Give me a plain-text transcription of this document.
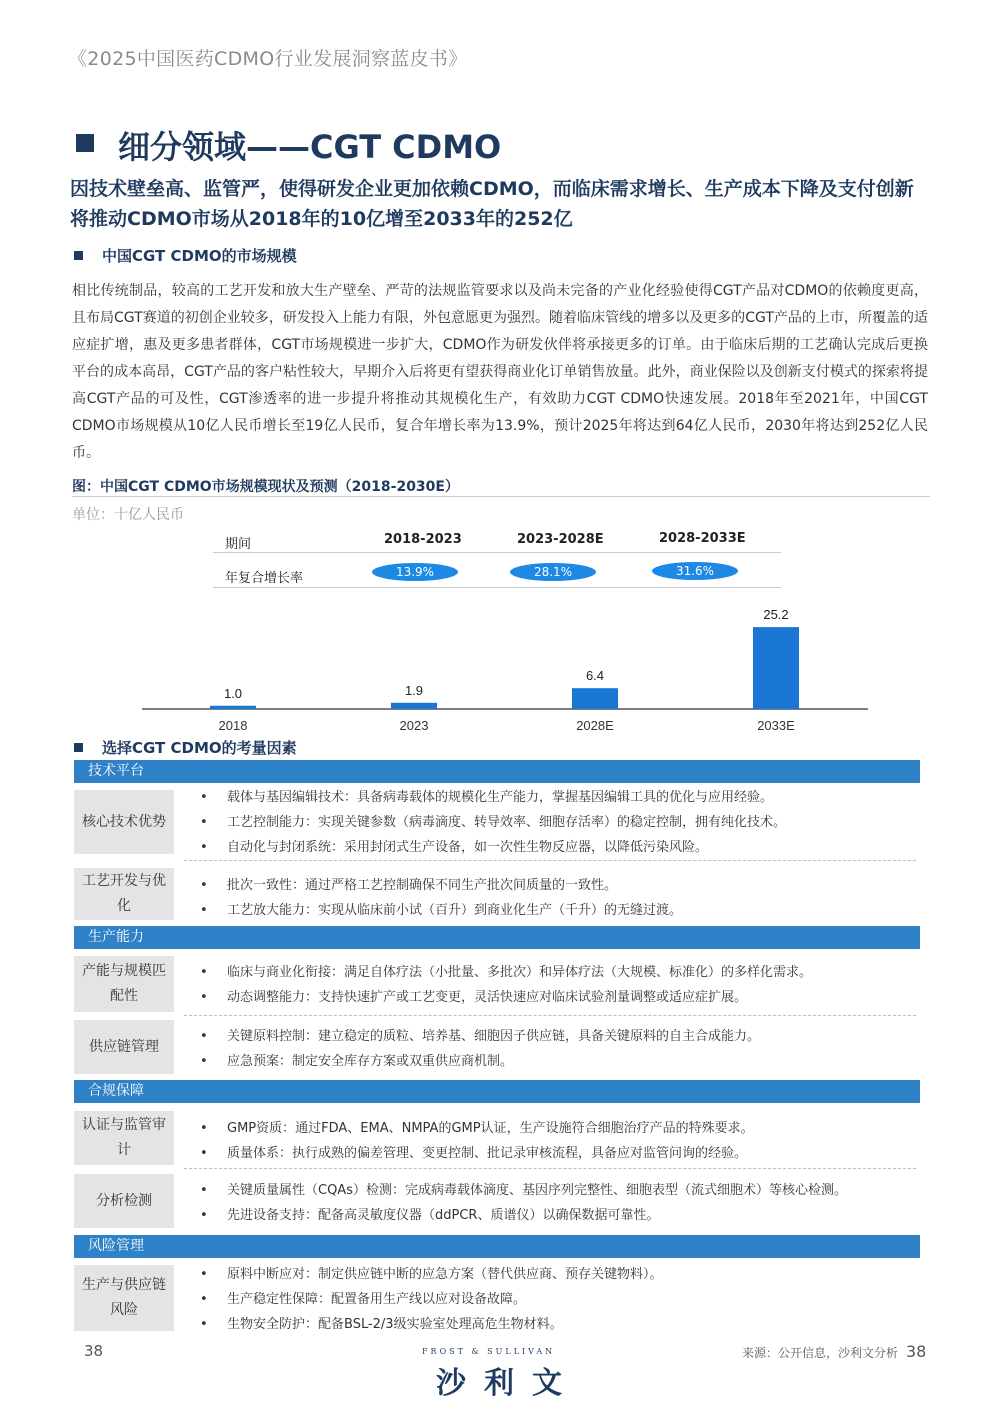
《2025中国医药CDMO行业发展洞察蓝皮书》
细分领域——CGT CDMO
因技术壁垒高、监管严，使得研发企业更加依赖CDMO，而临床需求增长、生产成本下降及支付创新将推动CDMO市场从2018年的10亿增至2033年的252亿
中国CGT CDMO的市场规模
相比传统制品，较高的工艺开发和放大生产壁垒、严苛的法规监管要求以及尚未完备的产业化经验使得CGT产品对CDMO的依赖度更高，且布局CGT赛道的初创企业较多，研发投入上能力有限，外包意愿更为强烈。随着临床管线的增多以及更多的CGT产品的上市，所覆盖的适应症扩增，惠及更多患者群体，CGT市场规模进一步扩大，CDMO作为研发伙伴将承接更多的订单。由于临床后期的工艺确认完成后更换平台的成本高昂，CGT产品的客户粘性较大，早期介入后将更有望获得商业化订单销售放量。此外，商业保险以及创新支付模式的探索将提高CGT产品的可及性，CGT渗透率的进一步提升将推动其规模化生产，有效助力CGT CDMO快速发展。2018年至2021年，中国CGT CDMO市场规模从10亿人民币增长至19亿人民币，复合年增长率为13.9%，预计2025年将达到64亿人民币，2030年将达到252亿人民币。
图：中国CGT CDMO市场规模现状及预测（2018-2030E）
单位：十亿人民币
期间	2018-2023	2023-2028E	2028-2033E
年复合增长率	13.9%	28.1%	31.6%
1.0
2018
1.9
2023
6.4
2028E
25.2
2033E
选择CGT CDMO的考量因素
技术平台
核心技术优势
• 载体与基因编辑技术：具备病毒载体的规模化生产能力，掌握基因编辑工具的优化与应用经验。
• 工艺控制能力：实现关键参数（病毒滴度、转导效率、细胞存活率）的稳定控制，拥有纯化技术。
• 自动化与封闭系统：采用封闭式生产设备，如一次性生物反应器，以降低污染风险。
工艺开发与优化
• 批次一致性：通过严格工艺控制确保不同生产批次间质量的一致性。
• 工艺放大能力：实现从临床前小试（百升）到商业化生产（千升）的无缝过渡。
生产能力
产能与规模匹配性
• 临床与商业化衔接：满足自体疗法（小批量、多批次）和异体疗法（大规模、标准化）的多样化需求。
• 动态调整能力：支持快速扩产或工艺变更，灵活快速应对临床试验剂量调整或适应症扩展。
供应链管理
• 关键原料控制：建立稳定的质粒、培养基、细胞因子供应链，具备关键原料的自主合成能力。
• 应急预案：制定安全库存方案或双重供应商机制。
合规保障
认证与监管审计
• GMP资质：通过FDA、EMA、NMPA的GMP认证，生产设施符合细胞治疗产品的特殊要求。
• 质量体系：执行成熟的偏差管理、变更控制、批记录审核流程，具备应对监管问询的经验。
分析检测
• 关键质量属性（CQAs）检测：完成病毒载体滴度、基因序列完整性、细胞表型（流式细胞术）等核心检测。
• 先进设备支持：配备高灵敏度仪器（ddPCR、质谱仪）以确保数据可靠性。
风险管理
生产与供应链风险
• 原料中断应对：制定供应链中断的应急方案（替代供应商、预存关键物料）。
• 生产稳定性保障：配置备用生产线以应对设备故障。
• 生物安全防护：配备BSL-2/3级实验室处理高危生物材料。
38	FROST & SULLIVAN
沙利文
来源：公开信息，沙利文分析 38
